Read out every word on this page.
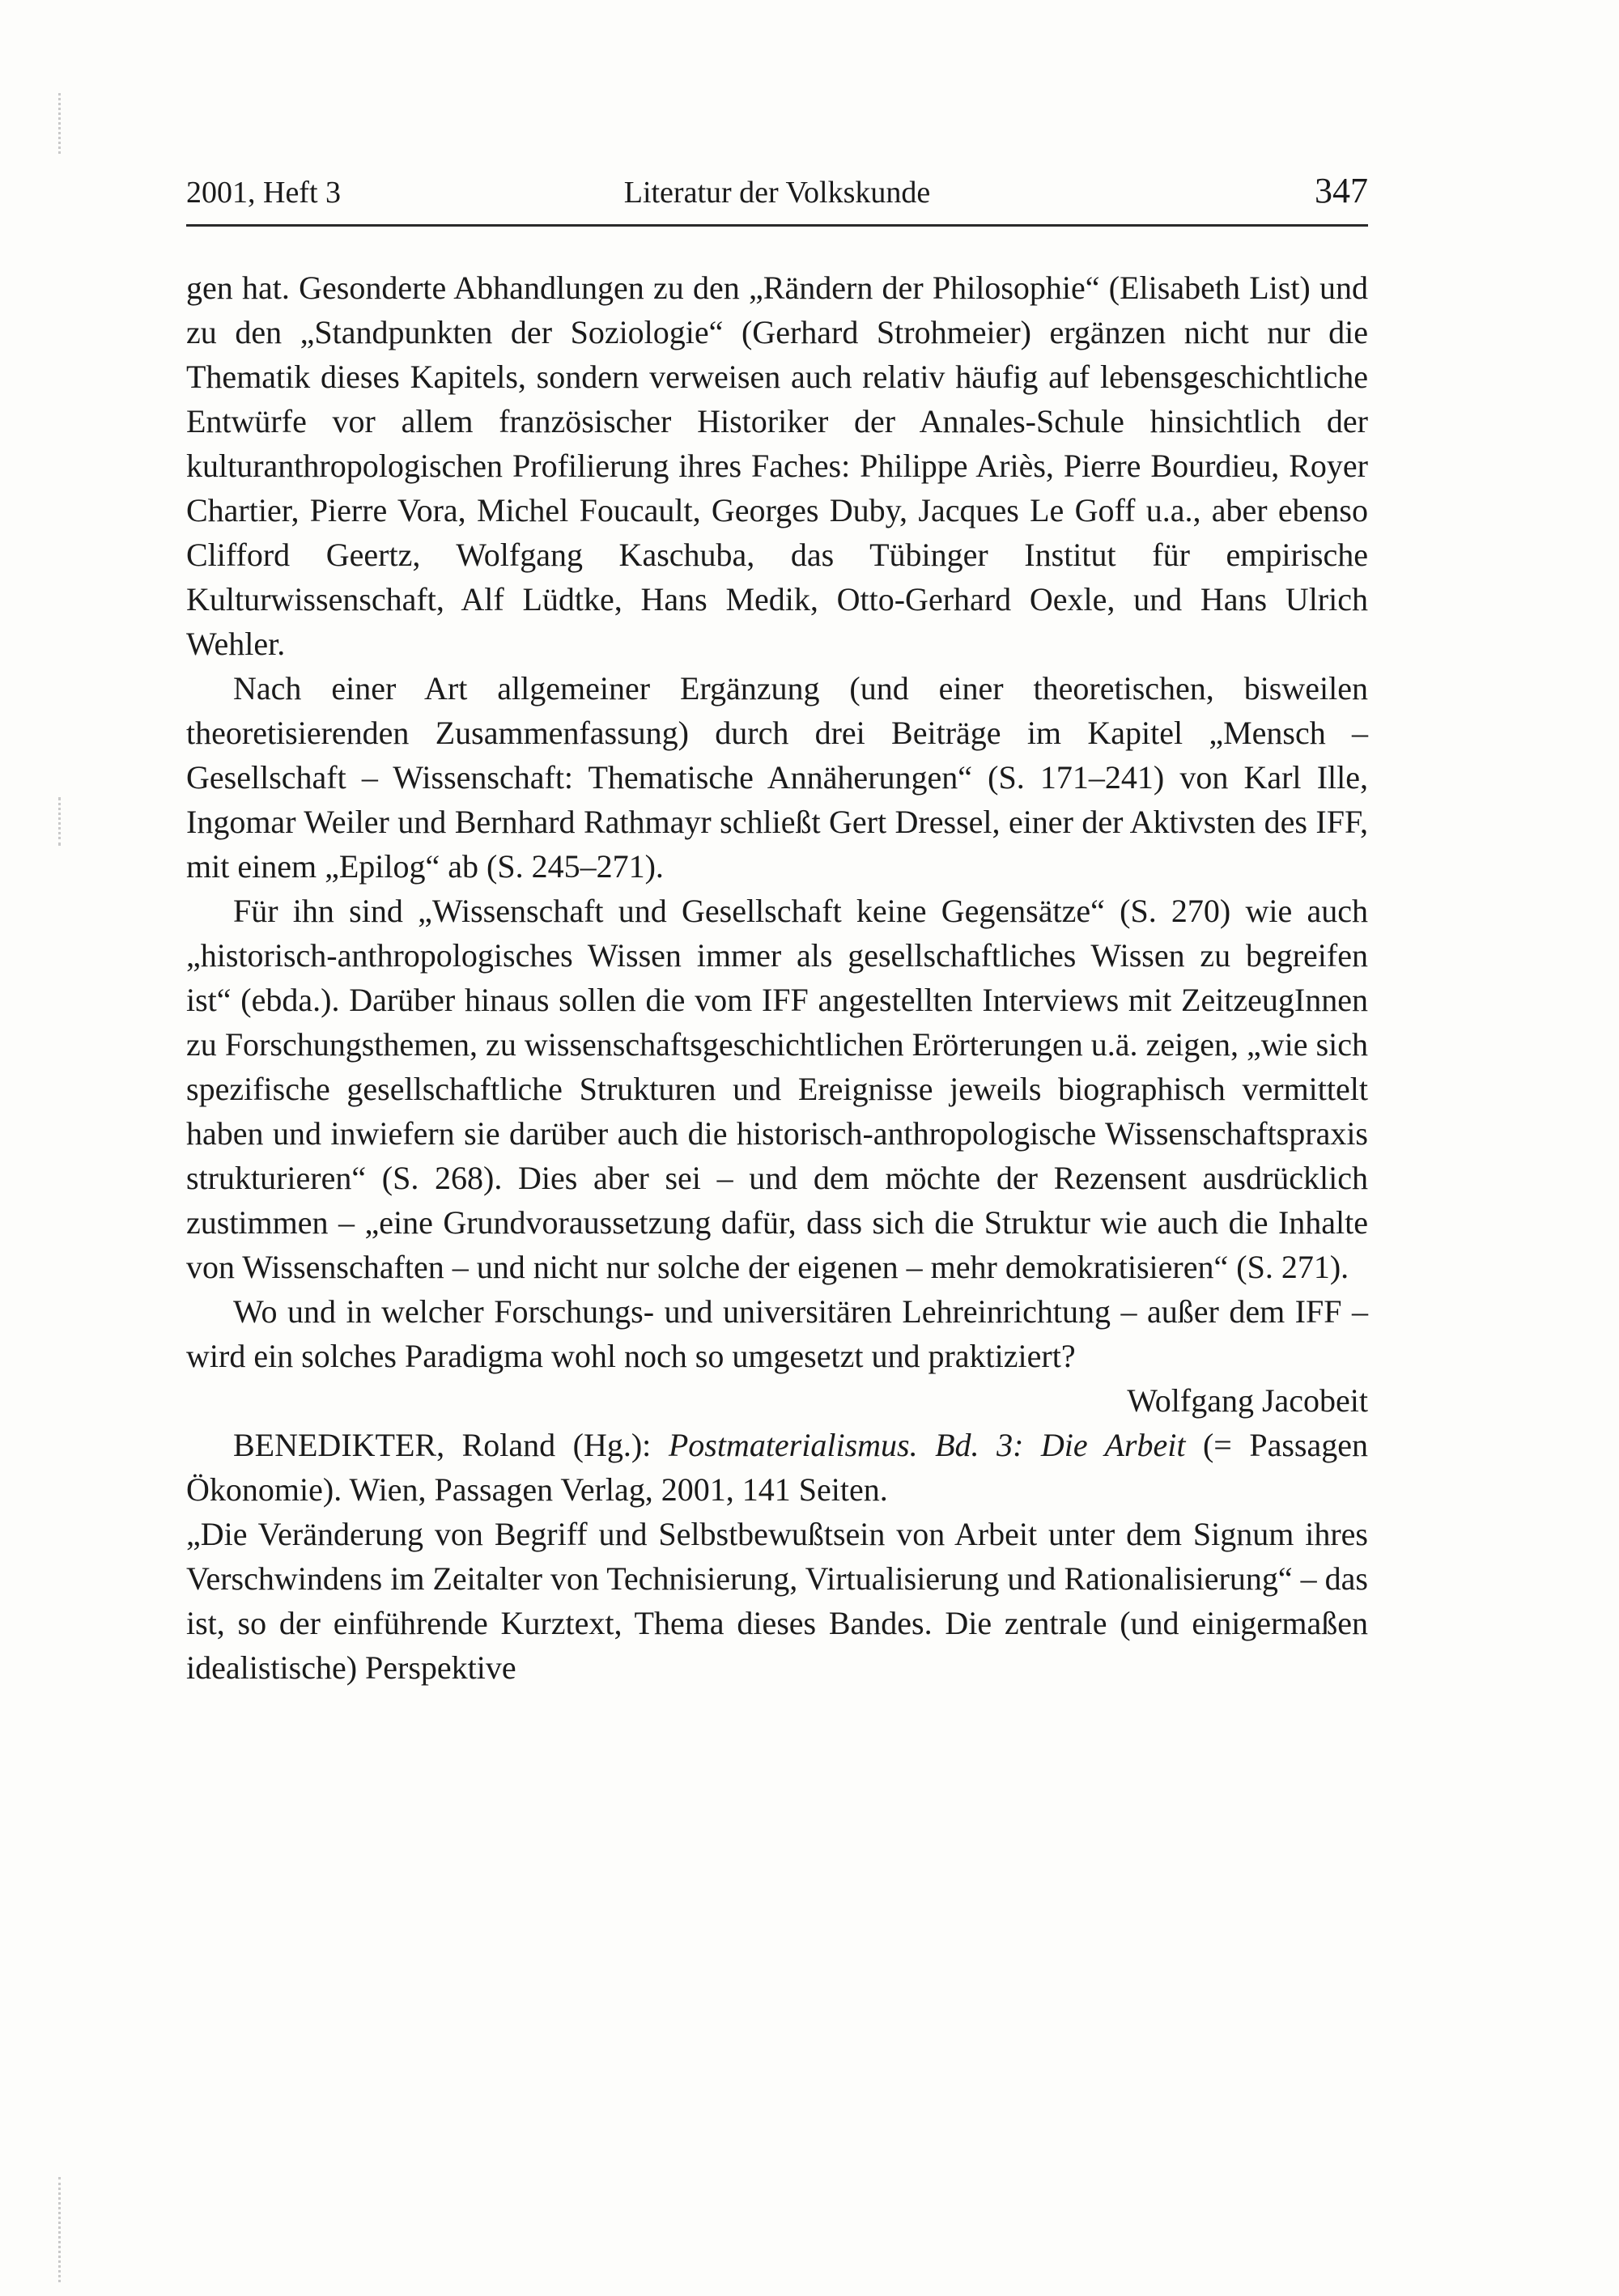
2001, Heft 3	Literatur der Volkskunde	347

gen hat. Gesonderte Abhandlungen zu den „Rändern der Philosophie“ (Elisabeth List) und zu den „Standpunkten der Soziologie“ (Gerhard Strohmeier) ergänzen nicht nur die Thematik dieses Kapitels, sondern verweisen auch relativ häufig auf lebensgeschichtliche Entwürfe vor allem französischer Historiker der Annales-Schule hinsichtlich der kulturanthropologischen Profilierung ihres Faches: Philippe Ariès, Pierre Bourdieu, Royer Chartier, Pierre Vora, Michel Foucault, Georges Duby, Jacques Le Goff u.a., aber ebenso Clifford Geertz, Wolfgang Kaschuba, das Tübinger Institut für empirische Kulturwissenschaft, Alf Lüdtke, Hans Medik, Otto-Gerhard Oexle, und Hans Ulrich Wehler.

Nach einer Art allgemeiner Ergänzung (und einer theoretischen, bisweilen theoretisierenden Zusammenfassung) durch drei Beiträge im Kapitel „Mensch – Gesellschaft – Wissenschaft: Thematische Annäherungen“ (S. 171–241) von Karl Ille, Ingomar Weiler und Bernhard Rathmayr schließt Gert Dressel, einer der Aktivsten des IFF, mit einem „Epilog“ ab (S. 245–271).

Für ihn sind „Wissenschaft und Gesellschaft keine Gegensätze“ (S. 270) wie auch „historisch-anthropologisches Wissen immer als gesellschaftliches Wissen zu begreifen ist“ (ebda.). Darüber hinaus sollen die vom IFF angestellten Interviews mit ZeitzeugInnen zu Forschungsthemen, zu wissenschaftsgeschichtlichen Erörterungen u.ä. zeigen, „wie sich spezifische gesellschaftliche Strukturen und Ereignisse jeweils biographisch vermittelt haben und inwiefern sie darüber auch die historisch-anthropologische Wissenschaftspraxis strukturieren“ (S. 268). Dies aber sei – und dem möchte der Rezensent ausdrücklich zustimmen – „eine Grundvoraussetzung dafür, dass sich die Struktur wie auch die Inhalte von Wissenschaften – und nicht nur solche der eigenen – mehr demokratisieren“ (S. 271).

Wo und in welcher Forschungs- und universitären Lehreinrichtung – außer dem IFF – wird ein solches Paradigma wohl noch so umgesetzt und praktiziert?

Wolfgang Jacobeit

BENEDIKTER, Roland (Hg.): Postmaterialismus. Bd. 3: Die Arbeit (= Passagen Ökonomie). Wien, Passagen Verlag, 2001, 141 Seiten.

„Die Veränderung von Begriff und Selbstbewußtsein von Arbeit unter dem Signum ihres Verschwindens im Zeitalter von Technisierung, Virtualisierung und Rationalisierung“ – das ist, so der einführende Kurztext, Thema dieses Bandes. Die zentrale (und einigermaßen idealistische) Perspektive
